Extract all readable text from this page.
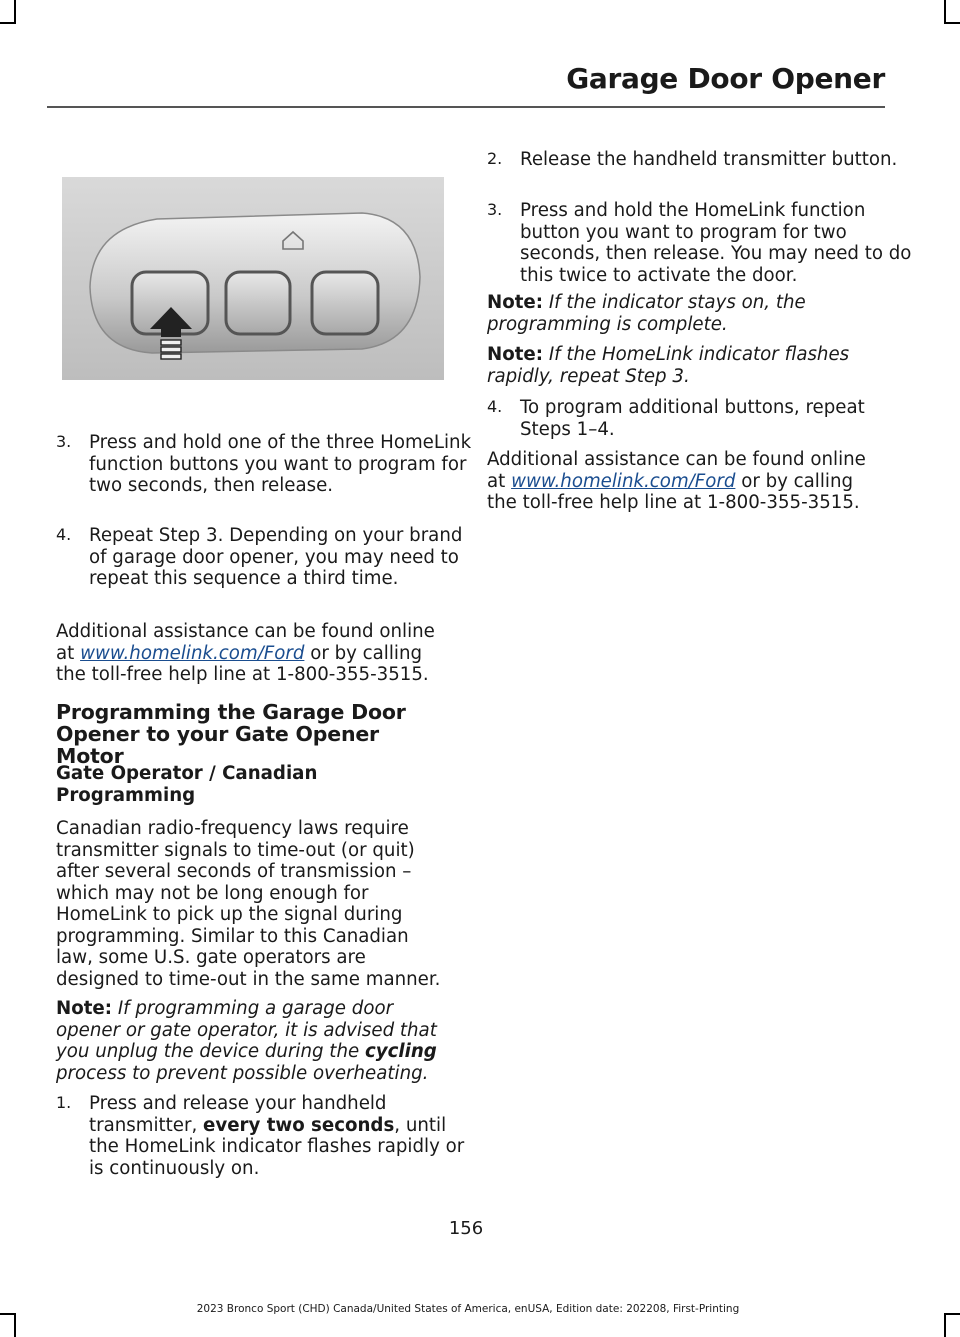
Garage Door Opener
3. Press and hold one of the three HomeLink function buttons you want to program for two seconds, then release.

4. Repeat Step 3. Depending on your brand of garage door opener, you may need to repeat this sequence a third time.

Additional assistance can be found online at www.homelink.com/Ford or by calling the toll-free help line at 1-800-355-3515.

Programming the Garage Door Opener to your Gate Opener Motor
Gate Operator / Canadian Programming

Canadian radio-frequency laws require transmitter signals to time-out (or quit) after several seconds of transmission – which may not be long enough for HomeLink to pick up the signal during programming. Similar to this Canadian law, some U.S. gate operators are designed to time-out in the same manner.

Note: If programming a garage door opener or gate operator, it is advised that you unplug the device during the cycling process to prevent possible overheating.

1. Press and release your handheld transmitter, every two seconds, until the HomeLink indicator flashes rapidly or is continuously on.

2. Release the handheld transmitter button.

3. Press and hold the HomeLink function button you want to program for two seconds, then release. You may need to do this twice to activate the door.

Note: If the indicator stays on, the programming is complete.

Note: If the HomeLink indicator flashes rapidly, repeat Step 3.

4. To program additional buttons, repeat Steps 1–4.

Additional assistance can be found online at www.homelink.com/Ford or by calling the toll-free help line at 1-800-355-3515.

156
2023 Bronco Sport (CHD) Canada/United States of America, enUSA, Edition date: 202208, First-Printing
